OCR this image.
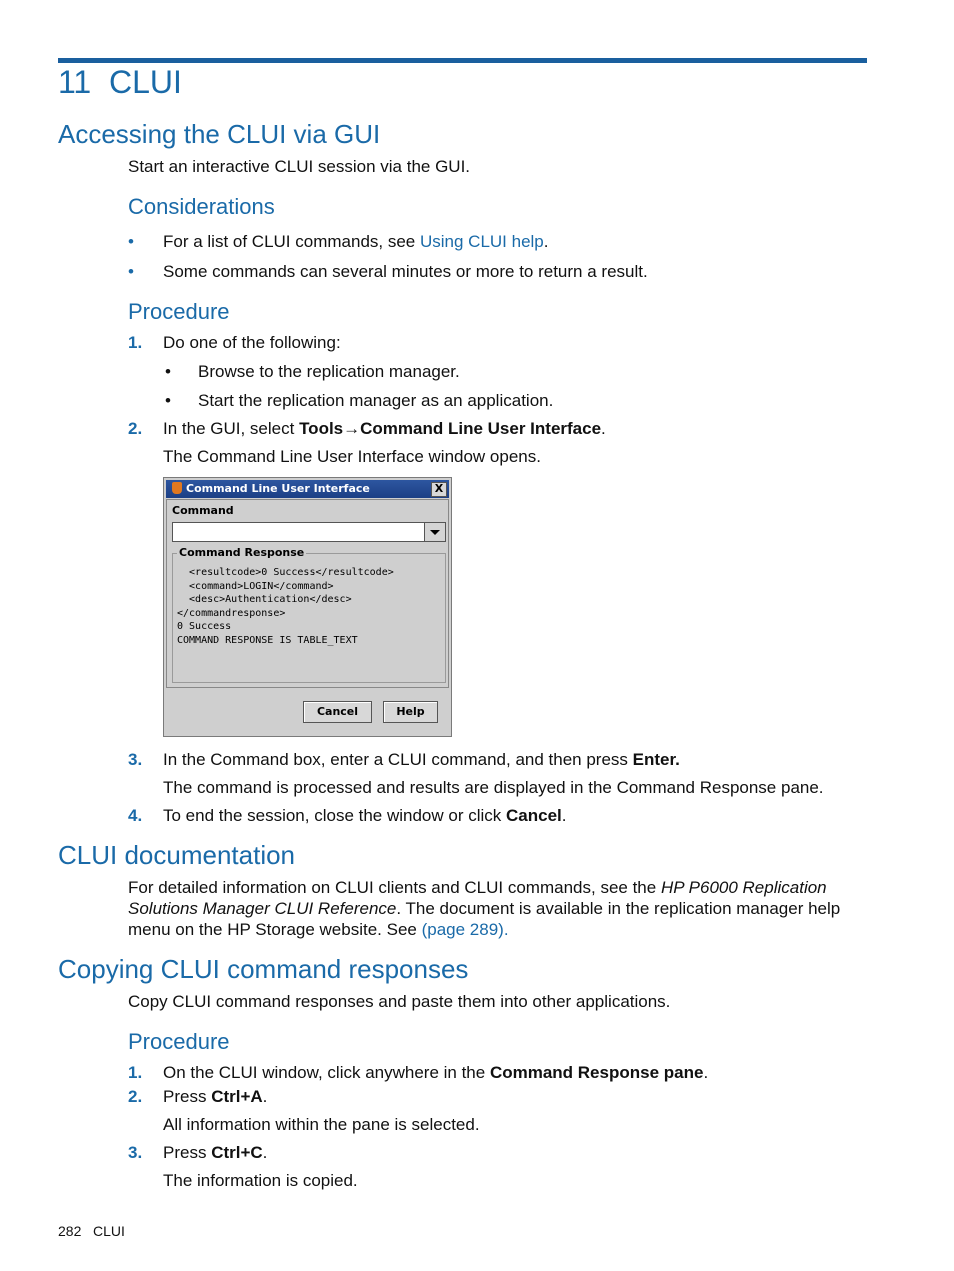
11 CLUI
Accessing the CLUI via GUI
Start an interactive CLUI session via the GUI.
Considerations
• For a list of CLUI commands, see Using CLUI help.
• Some commands can several minutes or more to return a result.
Procedure
1. Do one of the following:
• Browse to the replication manager.
• Start the replication manager as an application.
2. In the GUI, select Tools→Command Line User Interface.
The Command Line User Interface window opens.
Command Line User Interface	X
Command
Command Response
<resultcode>0 Success</resultcode>
<command>LOGIN</command>
<desc>Authentication</desc>
</commandresponse>
0 Success
COMMAND RESPONSE IS TABLE_TEXT
Cancel	Help
3. In the Command box, enter a CLUI command, and then press Enter.
The command is processed and results are displayed in the Command Response pane.
4. To end the session, close the window or click Cancel.
CLUI documentation
For detailed information on CLUI clients and CLUI commands, see the HP P6000 Replication
Solutions Manager CLUI Reference. The document is available in the replication manager help
menu on the HP Storage website. See (page 289).
Copying CLUI command responses
Copy CLUI command responses and paste them into other applications.
Procedure
1. On the CLUI window, click anywhere in the Command Response pane.
2. Press Ctrl+A.
All information within the pane is selected.
3. Press Ctrl+C.
The information is copied.
282 CLUI
